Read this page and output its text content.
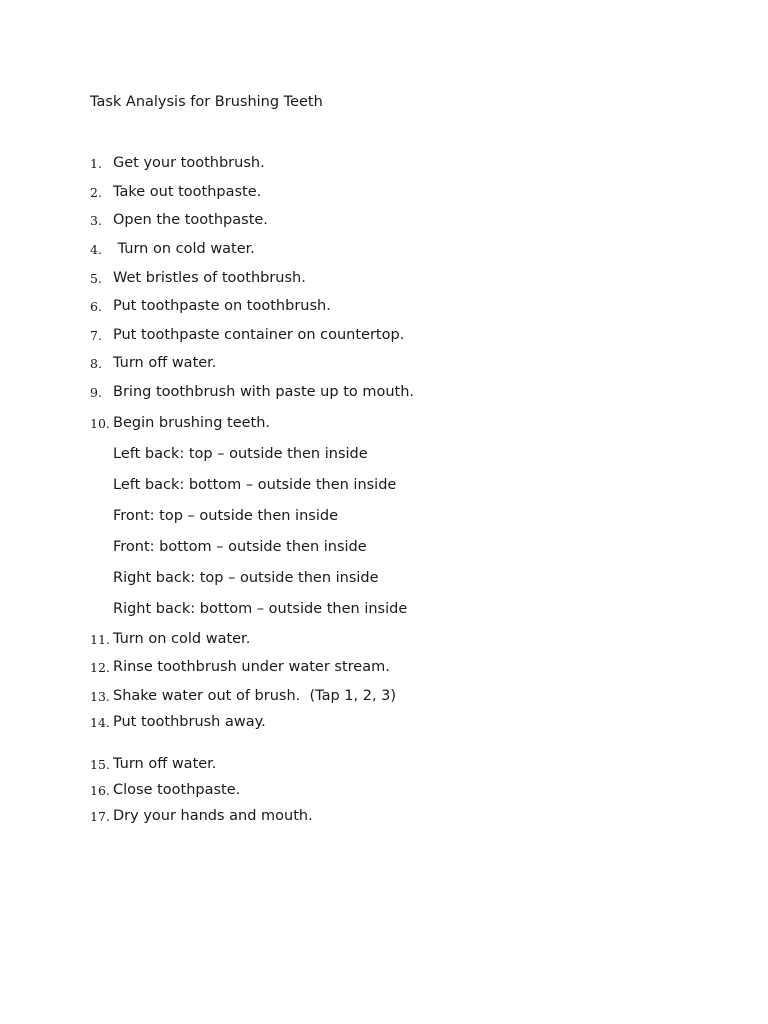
Task Analysis for Brushing Teeth
1. Get your toothbrush.
2. Take out toothpaste.
3. Open the toothpaste.
4. Turn on cold water.
5. Wet bristles of toothbrush.
6. Put toothpaste on toothbrush.
7. Put toothpaste container on countertop.
8. Turn off water.
9. Bring toothbrush with paste up to mouth.
10. Begin brushing teeth.
Left back: top – outside then inside
Left back: bottom – outside then inside
Front: top – outside then inside
Front: bottom – outside then inside
Right back: top – outside then inside
Right back: bottom – outside then inside
11. Turn on cold water.
12. Rinse toothbrush under water stream.
13. Shake water out of brush.  (Tap 1, 2, 3)
14. Put toothbrush away.
15. Turn off water.
16. Close toothpaste.
17. Dry your hands and mouth.
